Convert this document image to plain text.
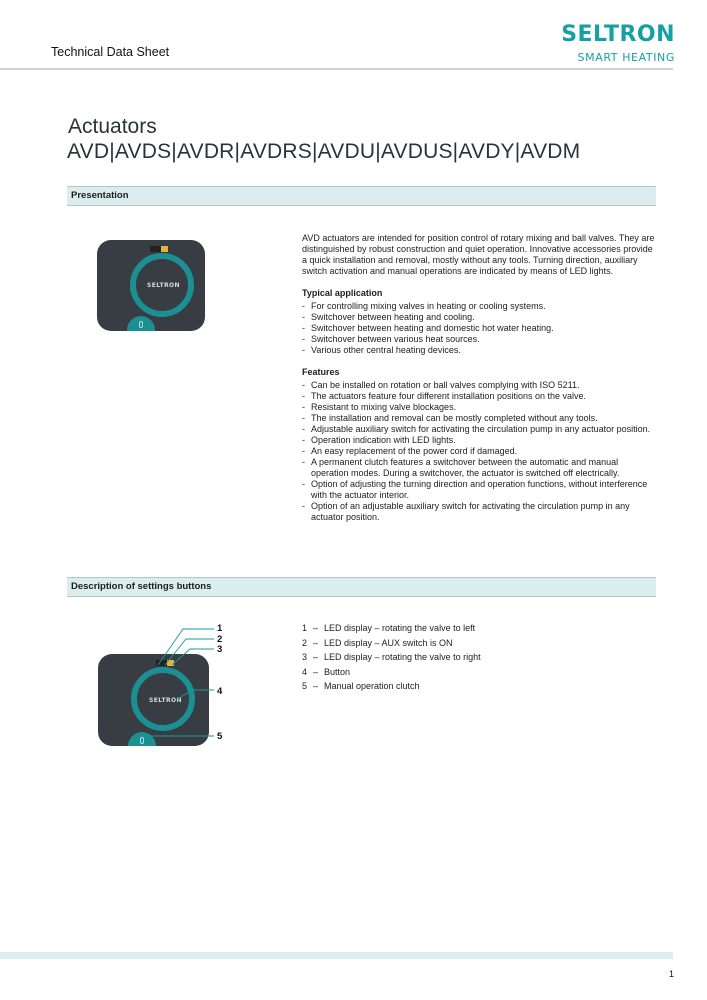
Technical Data Sheet
SELTRON
SMART HEATING
Actuators
AVD|AVDS|AVDR|AVDRS|AVDU|AVDUS|AVDY|AVDM
Presentation
SELTRON

AVD actuators are intended for position control of rotary mixing and ball valves. They are distinguished by robust construction and quiet operation. Innovative accessories provide a quick installation and removal, mostly without any tools. Turning direction, auxiliary switch activation and manual operations are indicated by means of LED lights.

Typical application
- For controlling mixing valves in heating or cooling systems.
- Switchover between heating and cooling.
- Switchover between heating and domestic hot water heating.
- Switchover between various heat sources.
- Various other central heating devices.
Features
- Can be installed on rotation or ball valves complying with ISO 5211.
- The actuators feature four different installation positions on the valve.
- Resistant to mixing valve blockages.
- The installation and removal can be mostly completed without any tools.
- Adjustable auxiliary switch for activating the circulation pump in any actuator position.
- Operation indication with LED lights.
- An easy replacement of the power cord if damaged.
- A permanent clutch features a switchover between the automatic and manual operation modes. During a switchover, the actuator is switched off electrically.
- Option of adjusting the turning direction and operation functions, without interference with the actuator interior.
- Option of an adjustable auxiliary switch for activating the circulation pump in any actuator position.
Description of settings buttons
SELTRON
1
2
3
4
5
1 – LED display – rotating the valve to left
2 – LED display – AUX switch is ON
3 – LED display – rotating the valve to right
4 – Button
5 – Manual operation clutch
1
